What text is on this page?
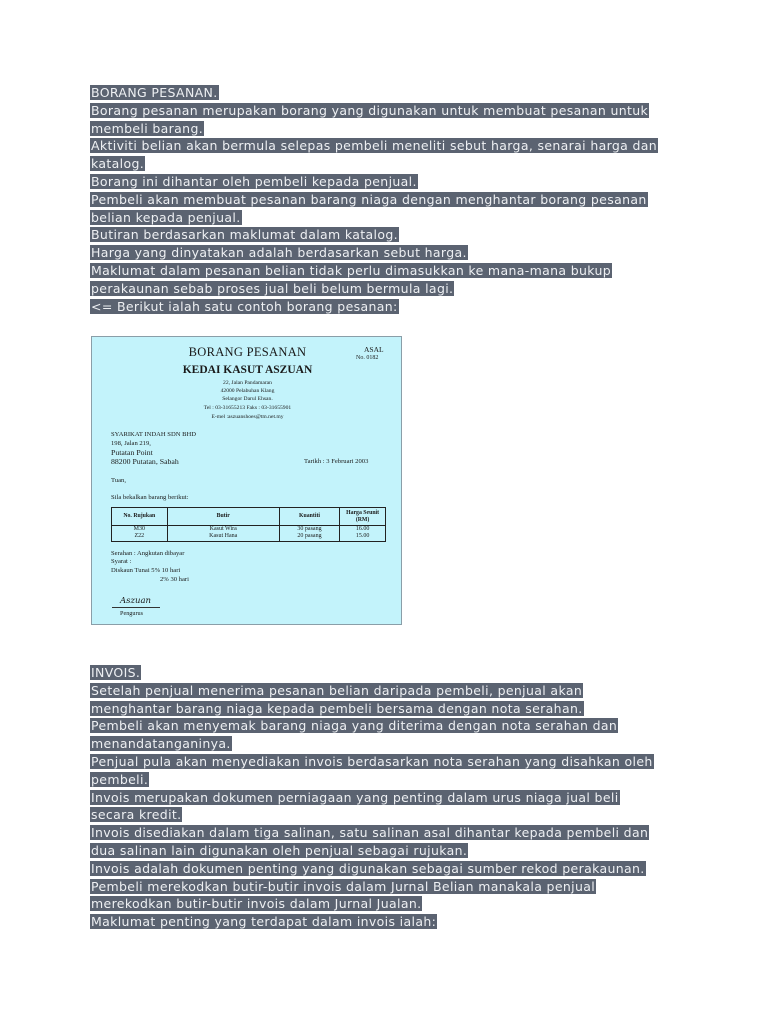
BORANG PESANAN.
Borang pesanan merupakan borang yang digunakan untuk membuat pesanan untuk
membeli barang.
Aktiviti belian akan bermula selepas pembeli meneliti sebut harga, senarai harga dan
katalog.
Borang ini dihantar oleh pembeli kepada penjual.
Pembeli akan membuat pesanan barang niaga dengan menghantar borang pesanan
belian kepada penjual.
Butiran berdasarkan maklumat dalam katalog.
Harga yang dinyatakan adalah berdasarkan sebut harga.
Maklumat dalam pesanan belian tidak perlu dimasukkan ke mana-mana bukup
perakaunan sebab proses jual beli belum bermula lagi.
<= Berikut ialah satu contoh borang pesanan:
BORANG PESANAN	ASAL
No. 0182
KEDAI KASUT ASZUAN
22, Jalan Pandamaran
42000 Pelabuhan Klang
Selangor Darul Ehsan.
Tel : 03-31655213 Faks : 03-31655901
E-mel :aszuanshoes@tm.net.my
SYARIKAT INDAH SDN BHD
198, Jalan 219,
Putatan Point
88200 Putatan, Sabah	Tarikh : 3 Februari 2003
Tuan,
Sila bekalkan barang berikut:
No. Rujukan	Butir	Kuantiti	Harga Seunit (RM)
M30	Kasut Wira	30 pasang	16.00
Z22	Kasut Hana	20 pasang	15.00
Serahan : Angkutan dibayar
Syarat :
Diskaun Tunai 5% 10 hari
2% 30 hari
Aszuan
Pengurus
INVOIS.
Setelah penjual menerima pesanan belian daripada pembeli, penjual akan
menghantar barang niaga kepada pembeli bersama dengan nota serahan.
Pembeli akan menyemak barang niaga yang diterima dengan nota serahan dan
menandatanganinya.
Penjual pula akan menyediakan invois berdasarkan nota serahan yang disahkan oleh
pembeli.
Invois merupakan dokumen perniagaan yang penting dalam urus niaga jual beli
secara kredit.
Invois disediakan dalam tiga salinan, satu salinan asal dihantar kepada pembeli dan
dua salinan lain digunakan oleh penjual sebagai rujukan.
Invois adalah dokumen penting yang digunakan sebagai sumber rekod perakaunan.
Pembeli merekodkan butir-butir invois dalam Jurnal Belian manakala penjual
merekodkan butir-butir invois dalam Jurnal Jualan.
Maklumat penting yang terdapat dalam invois ialah:
